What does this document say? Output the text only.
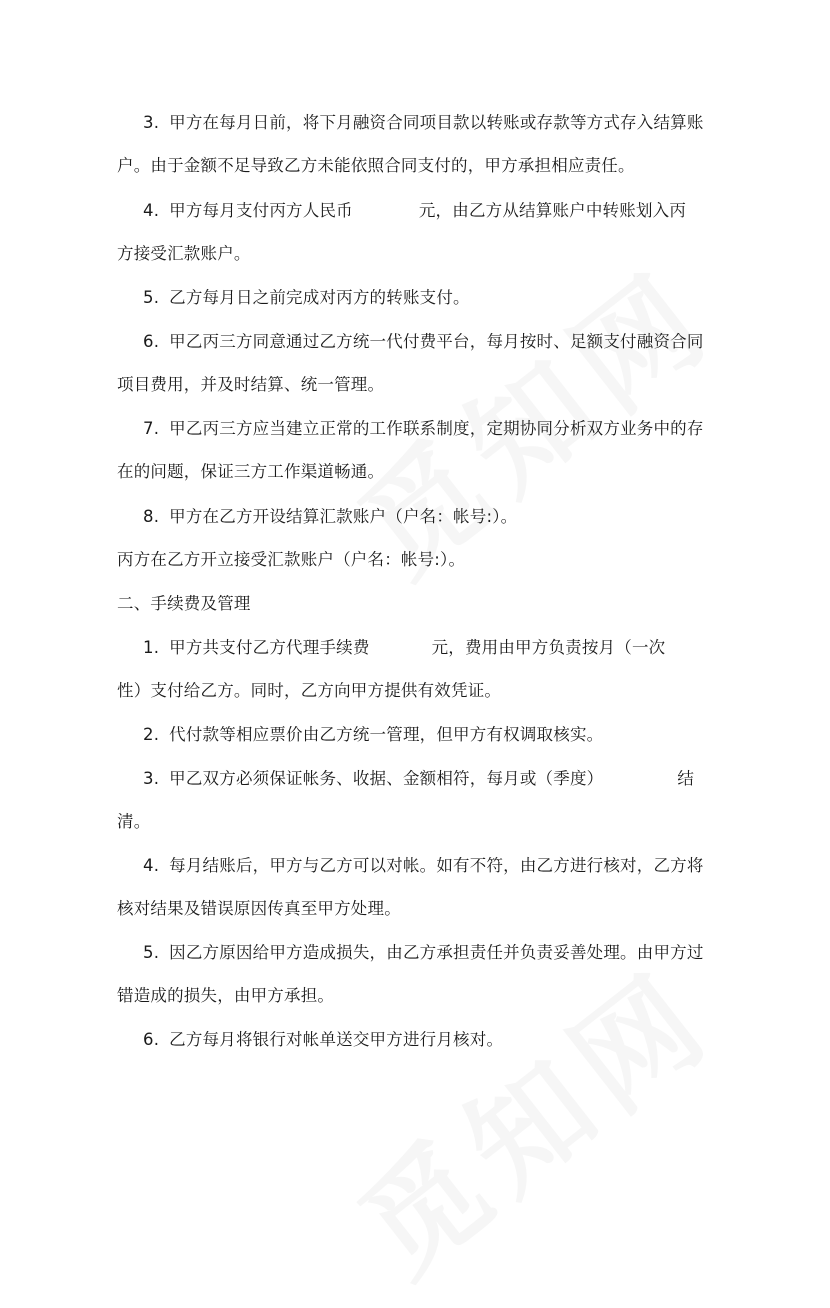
3. 甲方在每月日前，将下月融资合同项目款以转账或存款等方式存入结算账
户。由于金额不足导致乙方未能依照合同支付的，甲方承担相应责任。
4. 甲方每月支付丙方人民币	元，由乙方从结算账户中转账划入丙
方接受汇款账户。
5. 乙方每月日之前完成对丙方的转账支付。
6. 甲乙丙三方同意通过乙方统一代付费平台，每月按时、足额支付融资合同
项目费用，并及时结算、统一管理。
7. 甲乙丙三方应当建立正常的工作联系制度，定期协同分析双方业务中的存
在的问题，保证三方工作渠道畅通。
8. 甲方在乙方开设结算汇款账户（户名：帐号:）。
丙方在乙方开立接受汇款账户（户名：帐号:）。
二、手续费及管理
1. 甲方共支付乙方代理手续费	元，费用由甲方负责按月（一次
性）支付给乙方。同时，乙方向甲方提供有效凭证。
2. 代付款等相应票价由乙方统一管理，但甲方有权调取核实。
3. 甲乙双方必须保证帐务、收据、金额相符，每月或（季度）	结
清。
4. 每月结账后，甲方与乙方可以对帐。如有不符，由乙方进行核对，乙方将
核对结果及错误原因传真至甲方处理。
5. 因乙方原因给甲方造成损失，由乙方承担责任并负责妥善处理。由甲方过
错造成的损失，由甲方承担。
6. 乙方每月将银行对帐单送交甲方进行月核对。
